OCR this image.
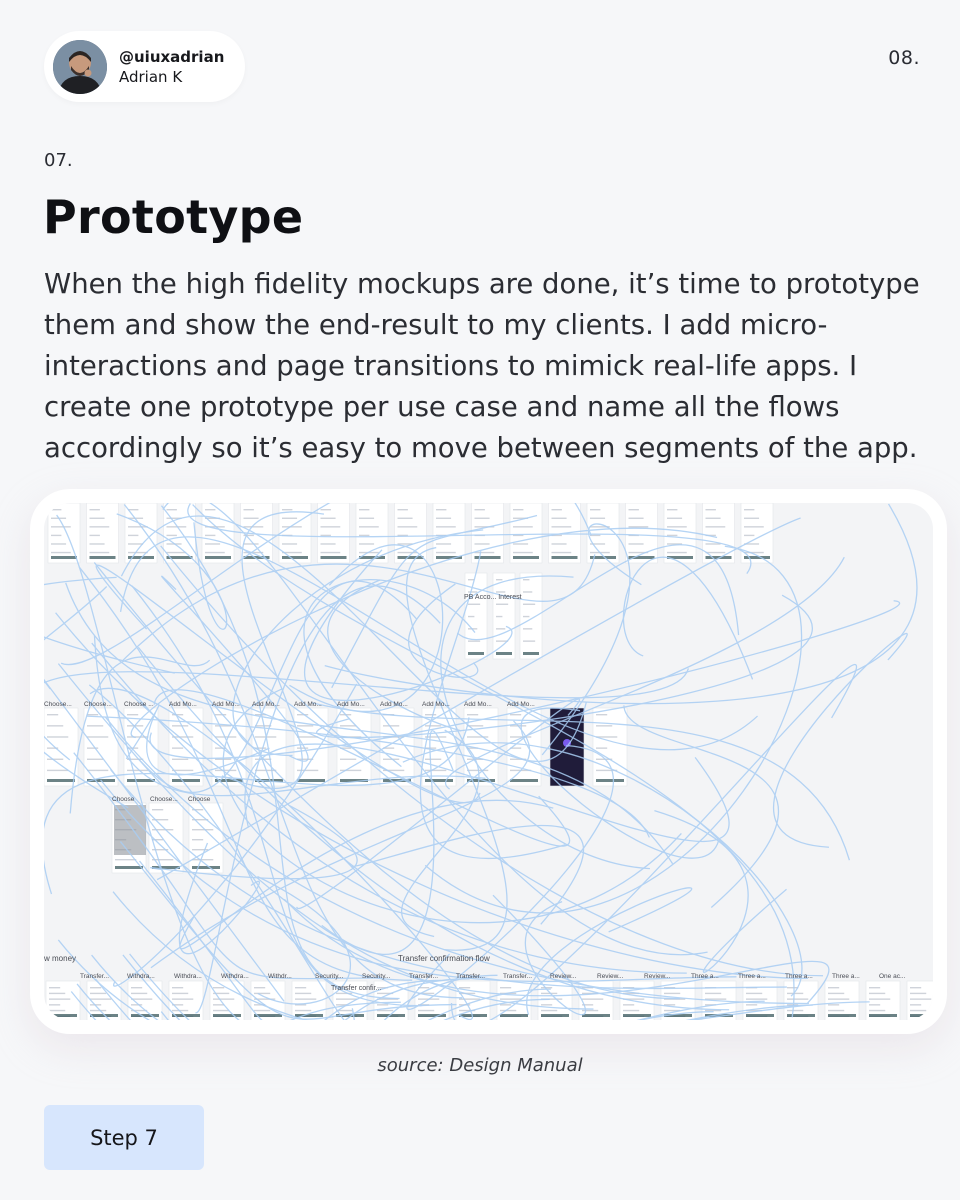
@uiuxadrian
Adrian K
08.
07.
Prototype

When the high fidelity mockups are done, it’s time to prototype them and show the end-result to my clients. I add micro-interactions and page transitions to mimick real-life apps. I create one prototype per use case and name all the flows accordingly so it’s easy to move between segments of the app.

PB Acco... Interest
Transfer confirmation flow
w money
Transfer confir...
Choose... Choose... Choose ... Add Mo... Add Mo... Add Mo... Add Mo... Add Mo... Add Mo... Add Mo... Add Mo... Add Mo...
Choose Choose... Choose
Transfer...	Withdra...	Withdra...	Withdra...	Withdr...	Security...	Security...	Transfer...	Transfer...	Transfer...	Review...	Review...	Review...	Three a...	Three a...	Three a...	Three a...	One ac...
source: Design Manual
Step 7
